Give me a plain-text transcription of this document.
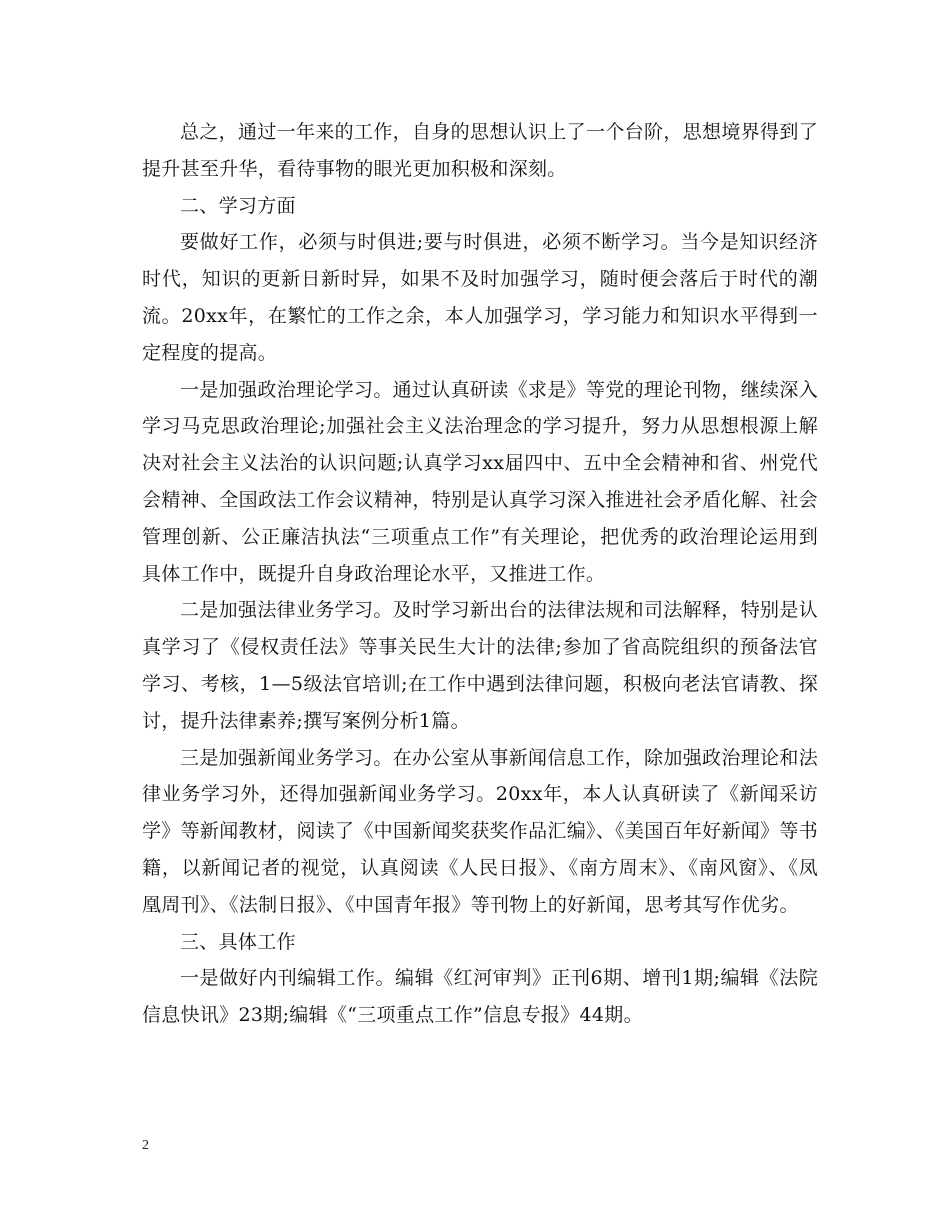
总之，通过一年来的工作，自身的思想认识上了一个台阶，思想境界得到了提升甚至升华，看待事物的眼光更加积极和深刻。

二、学习方面

要做好工作，必须与时俱进;要与时俱进，必须不断学习。当今是知识经济时代，知识的更新日新时异，如果不及时加强学习，随时便会落后于时代的潮流。20xx年，在繁忙的工作之余，本人加强学习，学习能力和知识水平得到一定程度的提高。

一是加强政治理论学习。通过认真研读《求是》等党的理论刊物，继续深入学习马克思政治理论;加强社会主义法治理念的学习提升，努力从思想根源上解决对社会主义法治的认识问题;认真学习xx届四中、五中全会精神和省、州党代会精神、全国政法工作会议精神，特别是认真学习深入推进社会矛盾化解、社会管理创新、公正廉洁执法“三项重点工作”有关理论，把优秀的政治理论运用到具体工作中，既提升自身政治理论水平，又推进工作。

二是加强法律业务学习。及时学习新出台的法律法规和司法解释，特别是认真学习了《侵权责任法》等事关民生大计的法律;参加了省高院组织的预备法官学习、考核，1—5级法官培训;在工作中遇到法律问题，积极向老法官请教、探讨，提升法律素养;撰写案例分析1篇。

三是加强新闻业务学习。在办公室从事新闻信息工作，除加强政治理论和法律业务学习外，还得加强新闻业务学习。20xx年，本人认真研读了《新闻采访学》等新闻教材，阅读了《中国新闻奖获奖作品汇编》、《美国百年好新闻》等书籍，以新闻记者的视觉，认真阅读《人民日报》、《南方周末》、《南风窗》、《凤凰周刊》、《法制日报》、《中国青年报》等刊物上的好新闻，思考其写作优劣。

三、具体工作

一是做好内刊编辑工作。编辑《红河审判》正刊6期、增刊1期;编辑《法院信息快讯》23期;编辑《“三项重点工作”信息专报》44期。

2
